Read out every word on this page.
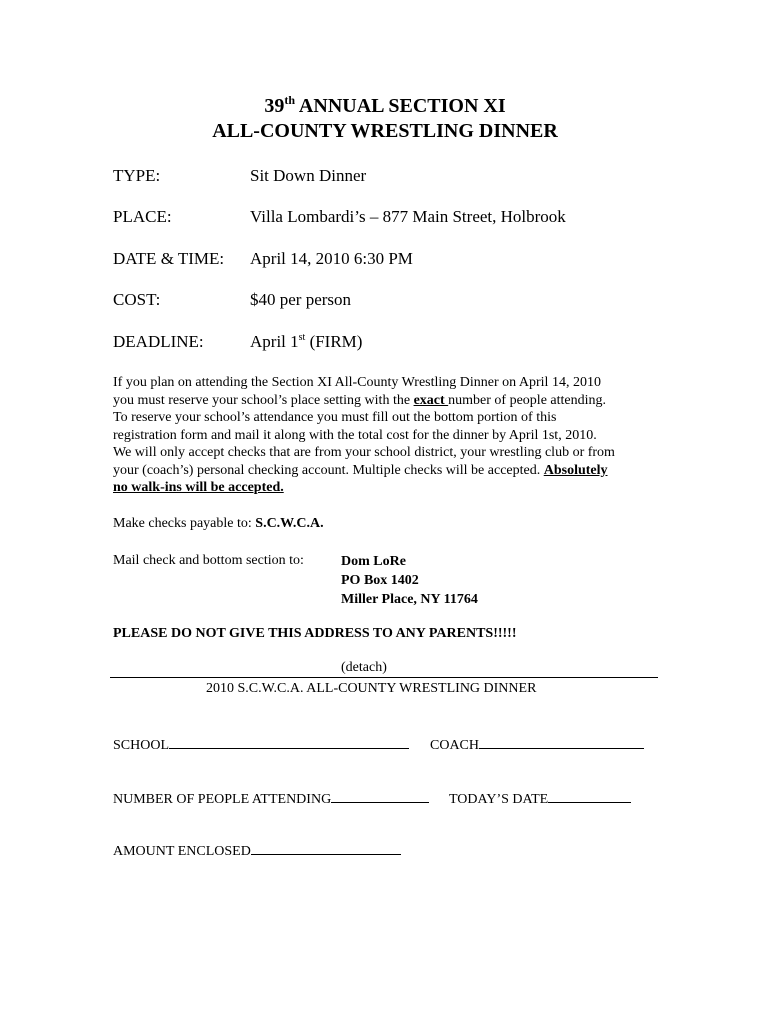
39th ANNUAL SECTION XI
ALL-COUNTY WRESTLING DINNER
TYPE:	Sit Down Dinner
PLACE:	Villa Lombardi’s – 877 Main Street, Holbrook
DATE & TIME: April 14, 2010 6:30 PM
COST:	$40 per person
DEADLINE:	April 1st (FIRM)
If you plan on attending the Section XI All-County Wrestling Dinner on April 14, 2010
you must reserve your school’s place setting with the exact number of people attending.
To reserve your school’s attendance you must fill out the bottom portion of this
registration form and mail it along with the total cost for the dinner by April 1st, 2010.
We will only accept checks that are from your school district, your wrestling club or from
your (coach’s) personal checking account. Multiple checks will be accepted. Absolutely
no walk-ins will be accepted.
Make checks payable to: S.C.W.C.A.
Mail check and bottom section to:	Dom LoRe
PO Box 1402
Miller Place, NY 11764
PLEASE DO NOT GIVE THIS ADDRESS TO ANY PARENTS!!!!!
(detach)
2010 S.C.W.C.A. ALL-COUNTY WRESTLING DINNER
SCHOOL	COACH
NUMBER OF PEOPLE ATTENDING	TODAY’S DATE
AMOUNT ENCLOSED
